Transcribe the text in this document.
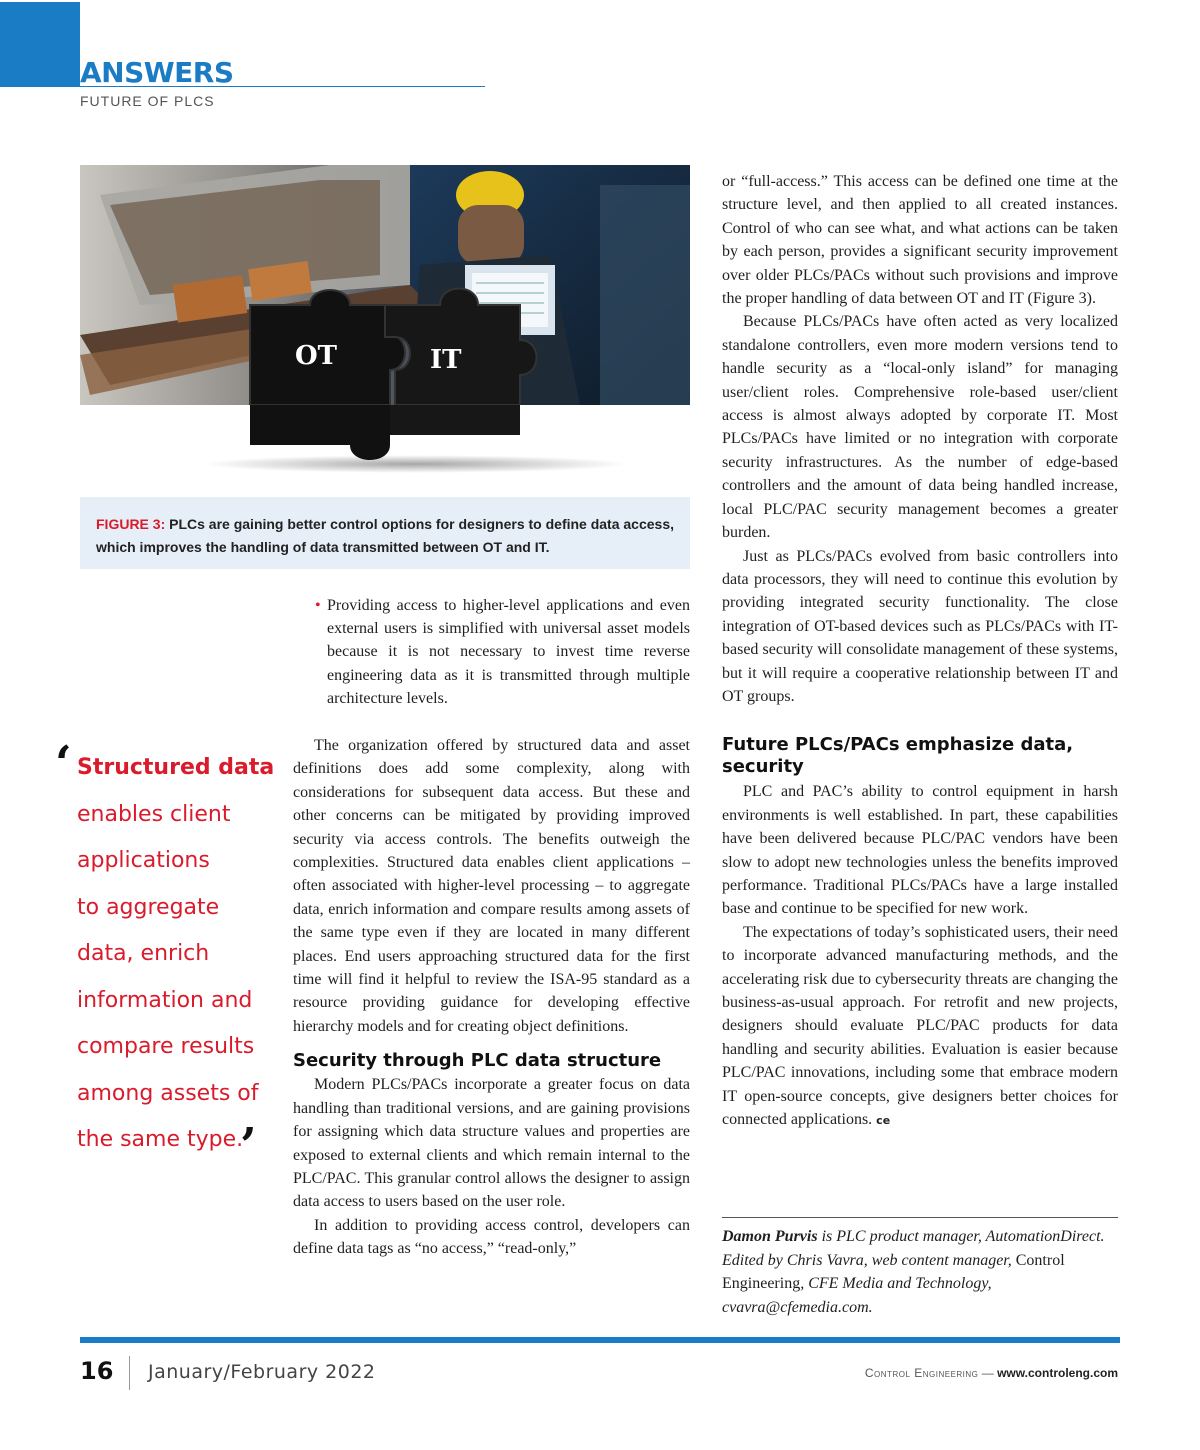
ANSWERS
FUTURE OF PLCS
OT	IT
FIGURE 3: PLCs are gaining better control options for designers to define data access, which improves the handling of data transmitted between OT and IT.
• Providing access to higher-level applications and even external users is simplified with universal asset models because it is not necessary to invest time reverse engineering data as it is transmitted through multiple architecture levels.
‘ Structured data
enables client
applications
to aggregate
data, enrich
information and
compare results
among assets of
the same type.
’

The organization offered by structured data and asset definitions does add some complexity, along with considerations for subsequent data access. But these and other concerns can be mitigated by providing improved security via access controls. The benefits outweigh the complexities. Structured data enables client applications – often associated with higher-level processing – to aggregate data, enrich information and compare results among assets of the same type even if they are located in many different places. End users approaching structured data for the first time will find it helpful to review the ISA-95 standard as a resource providing guidance for developing effective hierarchy models and for creating object definitions.

Security through PLC data structure

Modern PLCs/PACs incorporate a greater focus on data handling than traditional versions, and are gaining provisions for assigning which data structure values and properties are exposed to external clients and which remain internal to the PLC/PAC. This granular control allows the designer to assign data access to users based on the user role.

In addition to providing access control, developers can define data tags as “no access,” “read-only,”

or “full-access.” This access can be defined one time at the structure level, and then applied to all created instances. Control of who can see what, and what actions can be taken by each person, provides a significant security improvement over older PLCs/PACs without such provisions and improve the proper handling of data between OT and IT (Figure 3).

Because PLCs/PACs have often acted as very localized standalone controllers, even more modern versions tend to handle security as a “local-only island” for managing user/client roles. Comprehensive role-based user/client access is almost always adopted by corporate IT. Most PLCs/PACs have limited or no integration with corporate security infrastructures. As the number of edge-based controllers and the amount of data being handled increase, local PLC/PAC security management becomes a greater burden.

Just as PLCs/PACs evolved from basic controllers into data processors, they will need to continue this evolution by providing integrated security functionality. The close integration of OT-based devices such as PLCs/PACs with IT-based security will consolidate management of these systems, but it will require a cooperative relationship between IT and OT groups.

Future PLCs/PACs emphasize data, security

PLC and PAC’s ability to control equipment in harsh environments is well established. In part, these capabilities have been delivered because PLC/PAC vendors have been slow to adopt new technologies unless the benefits improved performance. Traditional PLCs/PACs have a large installed base and continue to be specified for new work.

The expectations of today’s sophisticated users, their need to incorporate advanced manufacturing methods, and the accelerating risk due to cybersecurity threats are changing the business-as-usual approach. For retrofit and new projects, designers should evaluate PLC/PAC products for data handling and security abilities. Evaluation is easier because PLC/PAC innovations, including some that embrace modern IT open-source concepts, give designers better choices for connected applications. ce

Damon Purvis is PLC product manager, AutomationDirect. Edited by Chris Vavra, web content manager, Control Engineering, CFE Media and Technology, cvavra@cfemedia.com.
16 January/February 2022	Control Engineering — www.controleng.com
